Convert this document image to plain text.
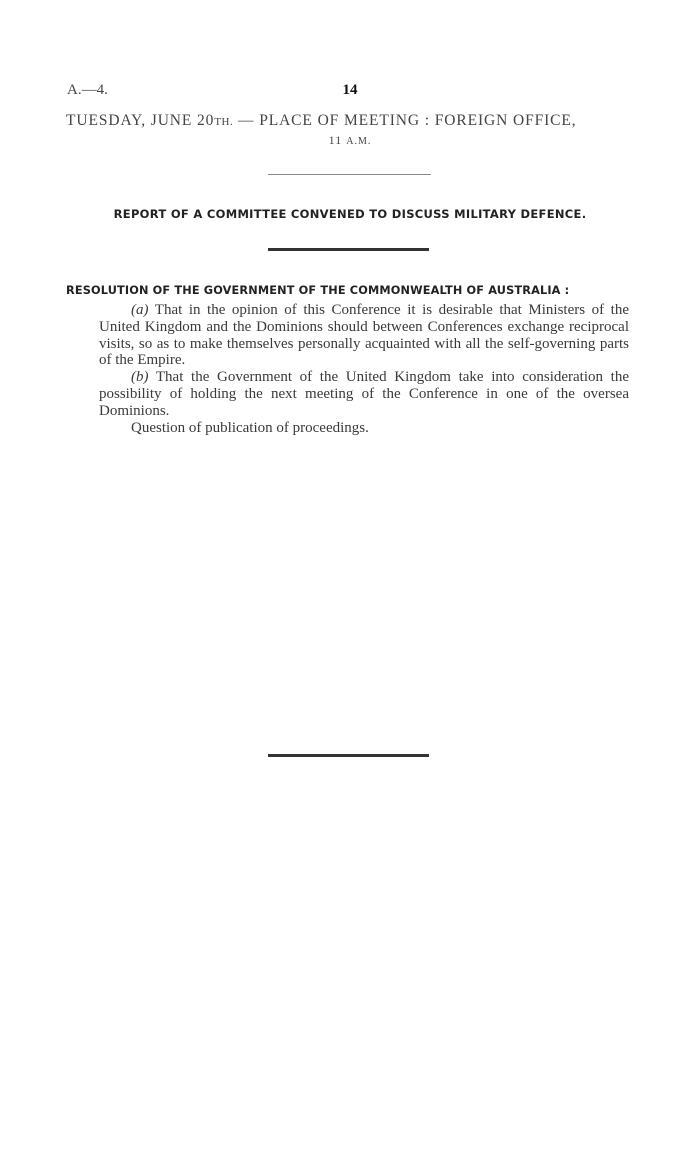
A.—4.	14
TUESDAY, JUNE 20TH. — PLACE OF MEETING : FOREIGN OFFICE,
11 A.M.
REPORT OF A COMMITTEE CONVENED TO DISCUSS MILITARY DEFENCE.
RESOLUTION OF THE GOVERNMENT OF THE COMMONWEALTH OF AUSTRALIA :

(a) That in the opinion of this Conference it is desirable that Ministers of the United Kingdom and the Dominions should between Conferences exchange reciprocal visits, so as to make themselves personally acquainted with all the self-governing parts of the Empire.

(b) That the Government of the United Kingdom take into consideration the possibility of holding the next meeting of the Conference in one of the oversea Dominions.

Question of publication of proceedings.
